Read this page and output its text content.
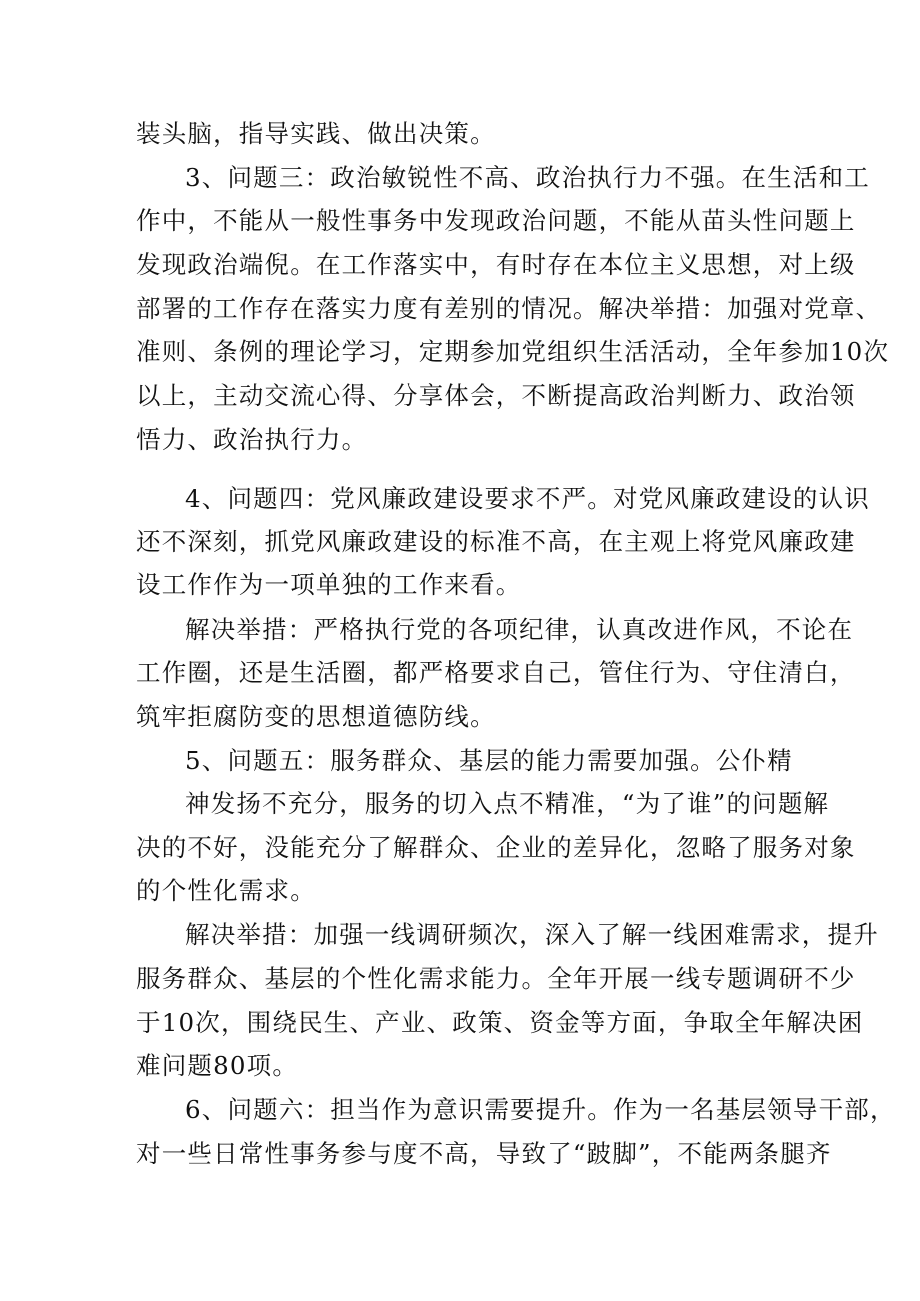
装头脑，指导实践、做出决策。
3、问题三：政治敏锐性不高、政治执行力不强。在生活和工
作中，不能从一般性事务中发现政治问题，不能从苗头性问题上
发现政治端倪。在工作落实中，有时存在本位主义思想，对上级
部署的工作存在落实力度有差别的情况。解决举措：加强对党章、
准则、条例的理论学习，定期参加党组织生活活动，全年参加10次
以上，主动交流心得、分享体会，不断提高政治判断力、政治领
悟力、政治执行力。
4、问题四：党风廉政建设要求不严。对党风廉政建设的认识
还不深刻，抓党风廉政建设的标准不高，在主观上将党风廉政建
设工作作为一项单独的工作来看。
解决举措：严格执行党的各项纪律，认真改进作风，不论在
工作圈，还是生活圈，都严格要求自己，管住行为、守住清白，
筑牢拒腐防变的思想道德防线。
5、问题五：服务群众、基层的能力需要加强。公仆精
神发扬不充分，服务的切入点不精准，“为了谁”的问题解
决的不好，没能充分了解群众、企业的差异化，忽略了服务对象
的个性化需求。
解决举措：加强一线调研频次，深入了解一线困难需求，提升
服务群众、基层的个性化需求能力。全年开展一线专题调研不少
于10次，围绕民生、产业、政策、资金等方面，争取全年解决困
难问题80项。
6、问题六：担当作为意识需要提升。作为一名基层领导干部，
对一些日常性事务参与度不高，导致了“跛脚”，不能两条腿齐
